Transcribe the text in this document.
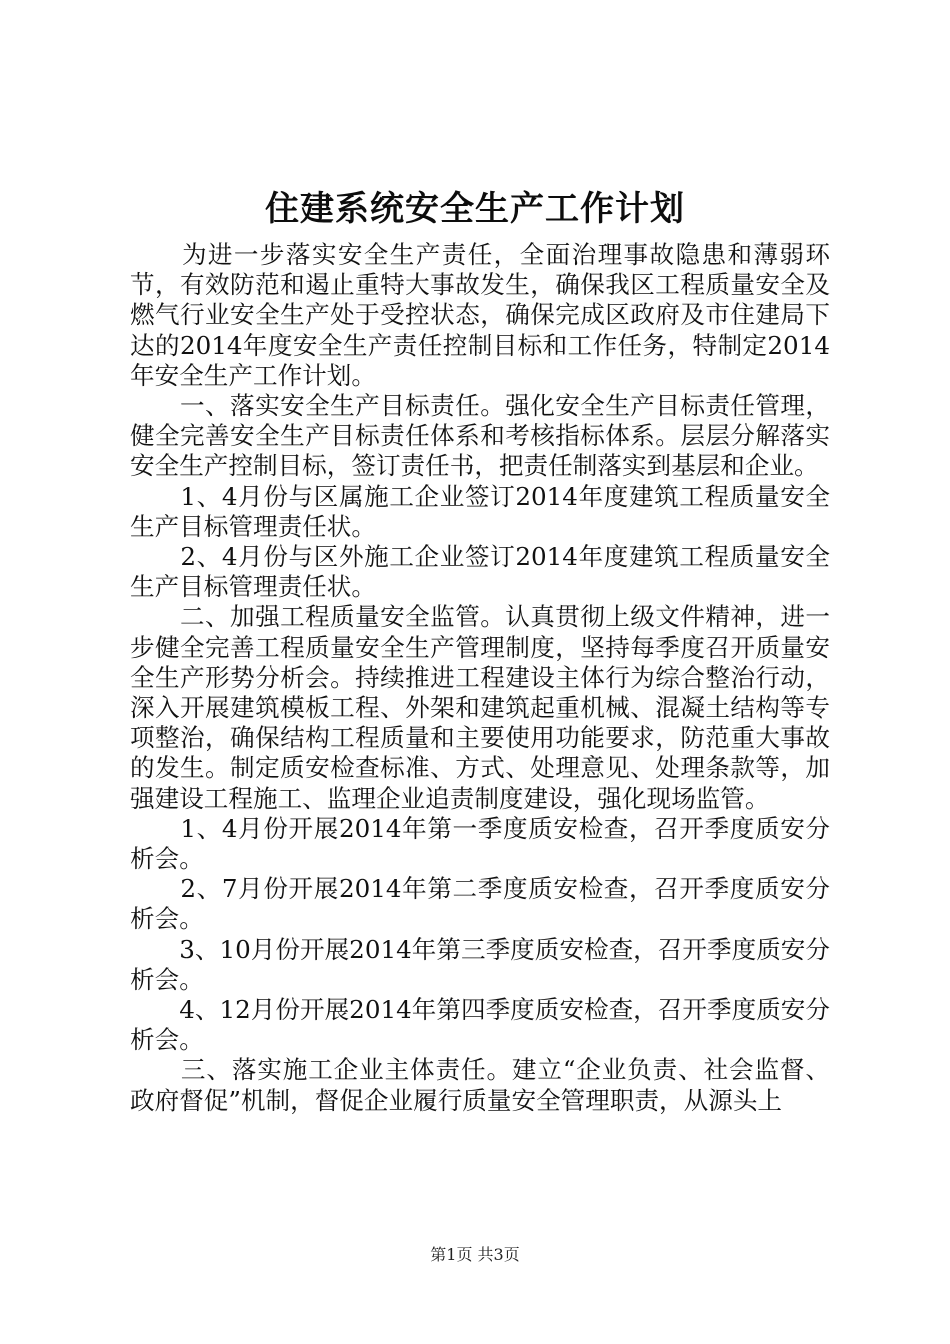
住建系统安全生产工作计划

　　为进一步落实安全生产责任，全面治理事故隐患和薄弱环节，有效防范和遏止重特大事故发生，确保我区工程质量安全及燃气行业安全生产处于受控状态，确保完成区政府及市住建局下达的2014年度安全生产责任控制目标和工作任务，特制定2014年安全生产工作计划。

　　一、落实安全生产目标责任。强化安全生产目标责任管理，健全完善安全生产目标责任体系和考核指标体系。层层分解落实安全生产控制目标，签订责任书，把责任制落实到基层和企业。

　　1、4月份与区属施工企业签订2014年度建筑工程质量安全生产目标管理责任状。

　　2、4月份与区外施工企业签订2014年度建筑工程质量安全生产目标管理责任状。

　　二、加强工程质量安全监管。认真贯彻上级文件精神，进一步健全完善工程质量安全生产管理制度，坚持每季度召开质量安全生产形势分析会。持续推进工程建设主体行为综合整治行动，深入开展建筑模板工程、外架和建筑起重机械、混凝土结构等专项整治，确保结构工程质量和主要使用功能要求，防范重大事故的发生。制定质安检查标准、方式、处理意见、处理条款等，加强建设工程施工、监理企业追责制度建设，强化现场监管。

　　1、4月份开展2014年第一季度质安检查，召开季度质安分析会。

　　2、7月份开展2014年第二季度质安检查，召开季度质安分析会。

　　3、10月份开展2014年第三季度质安检查，召开季度质安分析会。

　　4、12月份开展2014年第四季度质安检查，召开季度质安分析会。

　　三、落实施工企业主体责任。建立“企业负责、社会监督、政府督促”机制，督促企业履行质量安全管理职责，从源头上

第1页 共3页
